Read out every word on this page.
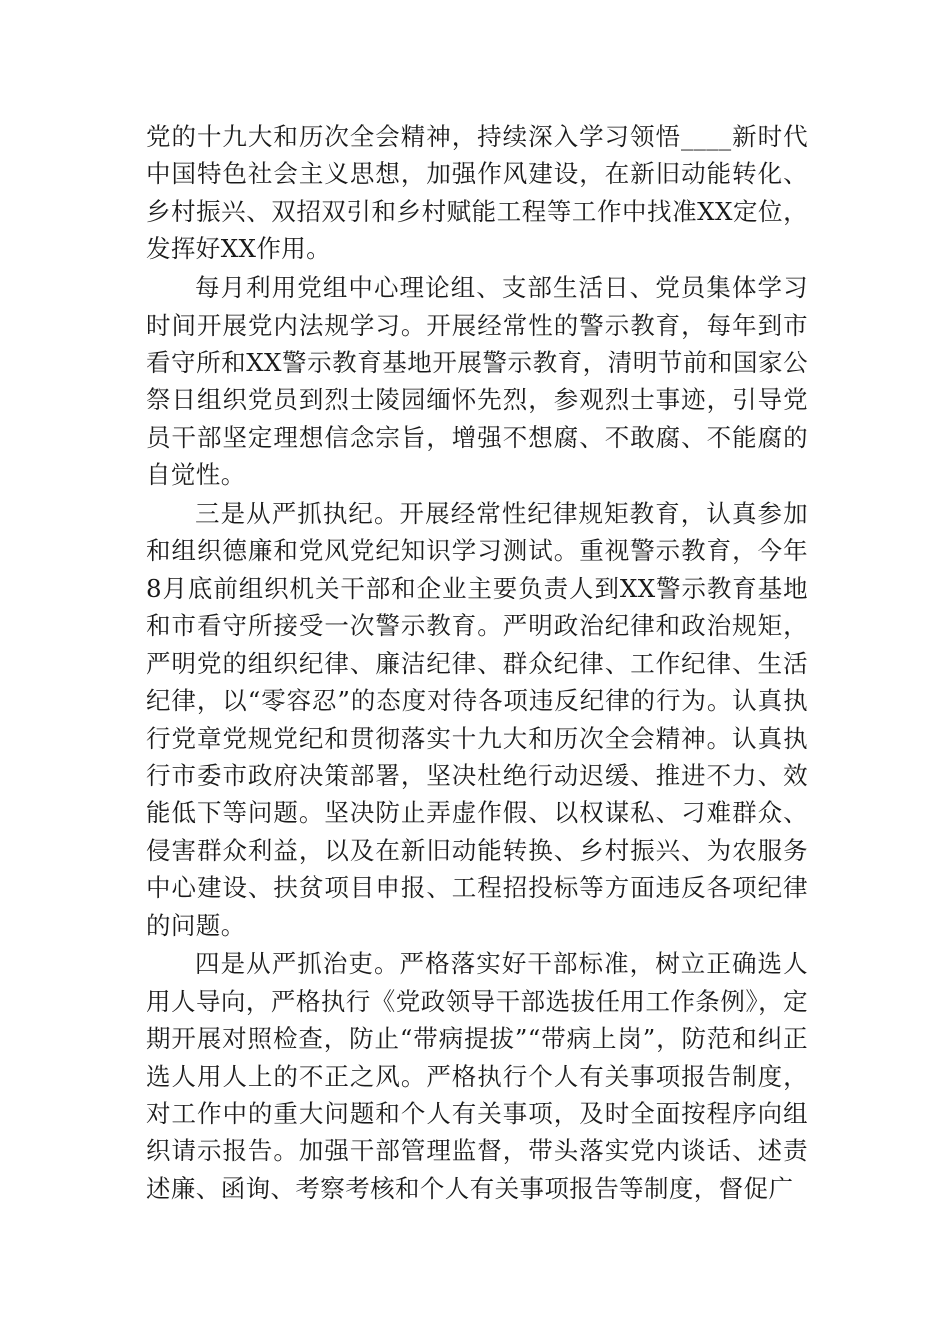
党的十九大和历次全会精神，持续深入学习领悟____新时代中国特色社会主义思想，加强作风建设，在新旧动能转化、乡村振兴、双招双引和乡村赋能工程等工作中找准XX定位，发挥好XX作用。

每月利用党组中心理论组、支部生活日、党员集体学习时间开展党内法规学习。开展经常性的警示教育，每年到市看守所和XX警示教育基地开展警示教育，清明节前和国家公祭日组织党员到烈士陵园缅怀先烈，参观烈士事迹，引导党员干部坚定理想信念宗旨，增强不想腐、不敢腐、不能腐的自觉性。

三是从严抓执纪。开展经常性纪律规矩教育，认真参加和组织德廉和党风党纪知识学习测试。重视警示教育，今年8月底前组织机关干部和企业主要负责人到XX警示教育基地和市看守所接受一次警示教育。严明政治纪律和政治规矩，严明党的组织纪律、廉洁纪律、群众纪律、工作纪律、生活纪律，以“零容忍”的态度对待各项违反纪律的行为。认真执行党章党规党纪和贯彻落实十九大和历次全会精神。认真执行市委市政府决策部署，坚决杜绝行动迟缓、推进不力、效能低下等问题。坚决防止弄虚作假、以权谋私、刁难群众、侵害群众利益，以及在新旧动能转换、乡村振兴、为农服务中心建设、扶贫项目申报、工程招投标等方面违反各项纪律的问题。

四是从严抓治吏。严格落实好干部标准，树立正确选人用人导向，严格执行《党政领导干部选拔任用工作条例》，定期开展对照检查，防止“带病提拔”“带病上岗”，防范和纠正选人用人上的不正之风。严格执行个人有关事项报告制度，对工作中的重大问题和个人有关事项，及时全面按程序向组织请示报告。加强干部管理监督，带头落实党内谈话、述责述廉、函询、考察考核和个人有关事项报告等制度，督促广
